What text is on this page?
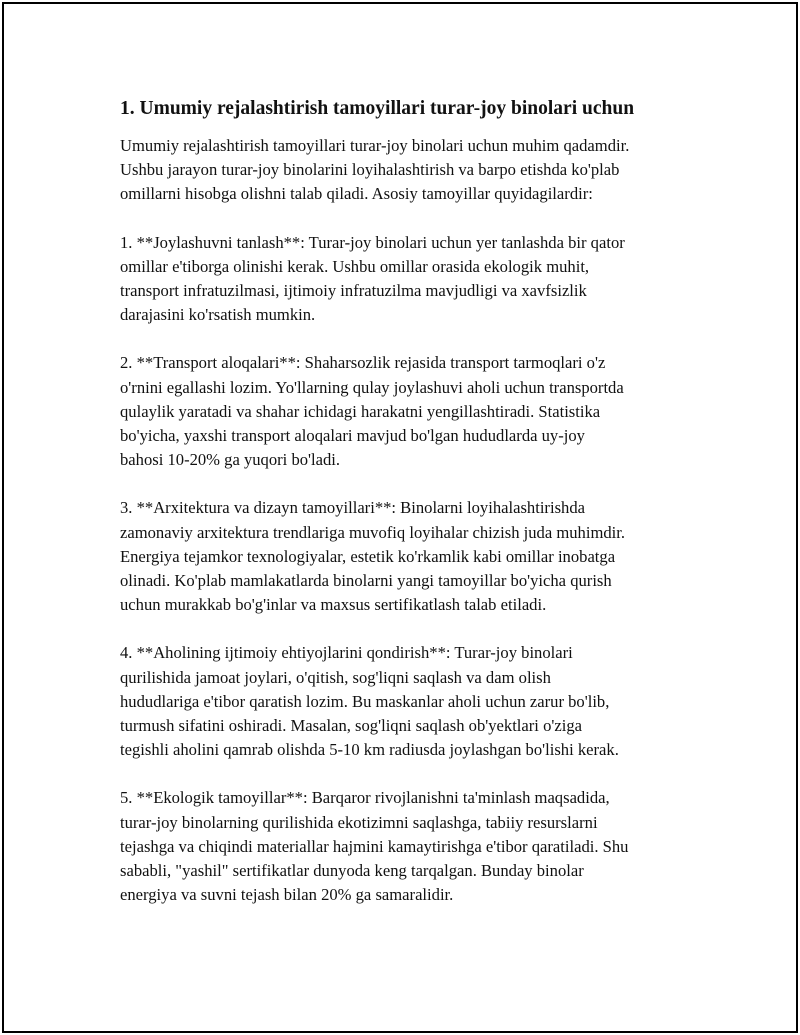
1. Umumiy rejalashtirish tamoyillari turar-joy binolari uchun

Umumiy rejalashtirish tamoyillari turar-joy binolari uchun muhim qadamdir.
Ushbu jarayon turar-joy binolarini loyihalashtirish va barpo etishda ko'plab
omillarni hisobga olishni talab qiladi. Asosiy tamoyillar quyidagilardir:

1. **Joylashuvni tanlash**: Turar-joy binolari uchun yer tanlashda bir qator
omillar e'tiborga olinishi kerak. Ushbu omillar orasida ekologik muhit,
transport infratuzilmasi, ijtimoiy infratuzilma mavjudligi va xavfsizlik
darajasini ko'rsatish mumkin.

2. **Transport aloqalari**: Shaharsozlik rejasida transport tarmoqlari o'z
o'rnini egallashi lozim. Yo'llarning qulay joylashuvi aholi uchun transportda
qulaylik yaratadi va shahar ichidagi harakatni yengillashtiradi. Statistika
bo'yicha, yaxshi transport aloqalari mavjud bo'lgan hududlarda uy-joy
bahosi 10-20% ga yuqori bo'ladi.

3. **Arxitektura va dizayn tamoyillari**: Binolarni loyihalashtirishda
zamonaviy arxitektura trendlariga muvofiq loyihalar chizish juda muhimdir.
Energiya tejamkor texnologiyalar, estetik ko'rkamlik kabi omillar inobatga
olinadi. Ko'plab mamlakatlarda binolarni yangi tamoyillar bo'yicha qurish
uchun murakkab bo'g'inlar va maxsus sertifikatlash talab etiladi.

4. **Aholining ijtimoiy ehtiyojlarini qondirish**: Turar-joy binolari
qurilishida jamoat joylari, o'qitish, sog'liqni saqlash va dam olish
hududlariga e'tibor qaratish lozim. Bu maskanlar aholi uchun zarur bo'lib,
turmush sifatini oshiradi. Masalan, sog'liqni saqlash ob'yektlari o'ziga
tegishli aholini qamrab olishda 5-10 km radiusda joylashgan bo'lishi kerak.

5. **Ekologik tamoyillar**: Barqaror rivojlanishni ta'minlash maqsadida,
turar-joy binolarning qurilishida ekotizimni saqlashga, tabiiy resurslarni
tejashga va chiqindi materiallar hajmini kamaytirishga e'tibor qaratiladi. Shu
sababli, "yashil" sertifikatlar dunyoda keng tarqalgan. Bunday binolar
energiya va suvni tejash bilan 20% ga samaralidir.
